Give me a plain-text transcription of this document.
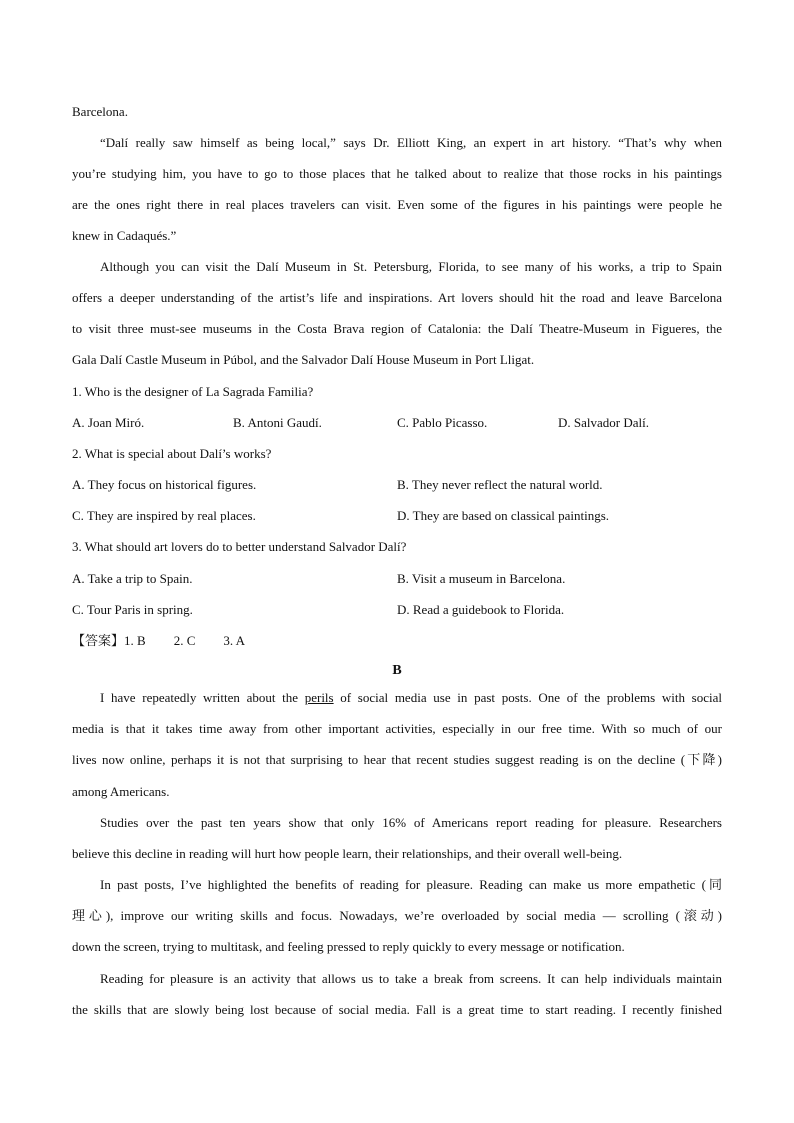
Barcelona.
“Dalí really saw himself as being local,” says Dr. Elliott King, an expert in art history. “That’s why when
you’re studying him, you have to go to those places that he talked about to realize that those rocks in his paintings
are the ones right there in real places travelers can visit. Even some of the figures in his paintings were people he
knew in Cadaqués.”
Although you can visit the Dalí Museum in St. Petersburg, Florida, to see many of his works, a trip to Spain
offers a deeper understanding of the artist’s life and inspirations. Art lovers should hit the road and leave Barcelona
to visit three must-see museums in the Costa Brava region of Catalonia: the Dalí Theatre-Museum in Figueres, the
Gala Dalí Castle Museum in Púbol, and the Salvador Dalí House Museum in Port Lligat.
1. Who is the designer of La Sagrada Familia?
A. Joan Miró.	B. Antoni Gaudí.	C. Pablo Picasso.	D. Salvador Dalí.
2. What is special about Dalí’s works?
A. They focus on historical figures.	B. They never reflect the natural world.
C. They are inspired by real places.	D. They are based on classical paintings.
3. What should art lovers do to better understand Salvador Dalí?
A. Take a trip to Spain.	B. Visit a museum in Barcelona.
C. Tour Paris in spring.	D. Read a guidebook to Florida.
【答案】1. B 2. C 3. A
B
I have repeatedly written about the perils of social media use in past posts. One of the problems with social
media is that it takes time away from other important activities, especially in our free time. With so much of our
lives now online, perhaps it is not that surprising to hear that recent studies suggest reading is on the decline (下降)
among Americans.
Studies over the past ten years show that only 16% of Americans report reading for pleasure. Researchers
believe this decline in reading will hurt how people learn, their relationships, and their overall well-being.
In past posts, I’ve highlighted the benefits of reading for pleasure. Reading can make us more empathetic (同
理心), improve our writing skills and focus. Nowadays, we’re overloaded by social media — scrolling (滚动)
down the screen, trying to multitask, and feeling pressed to reply quickly to every message or notification.
Reading for pleasure is an activity that allows us to take a break from screens. It can help individuals maintain
the skills that are slowly being lost because of social media. Fall is a great time to start reading. I recently finished
